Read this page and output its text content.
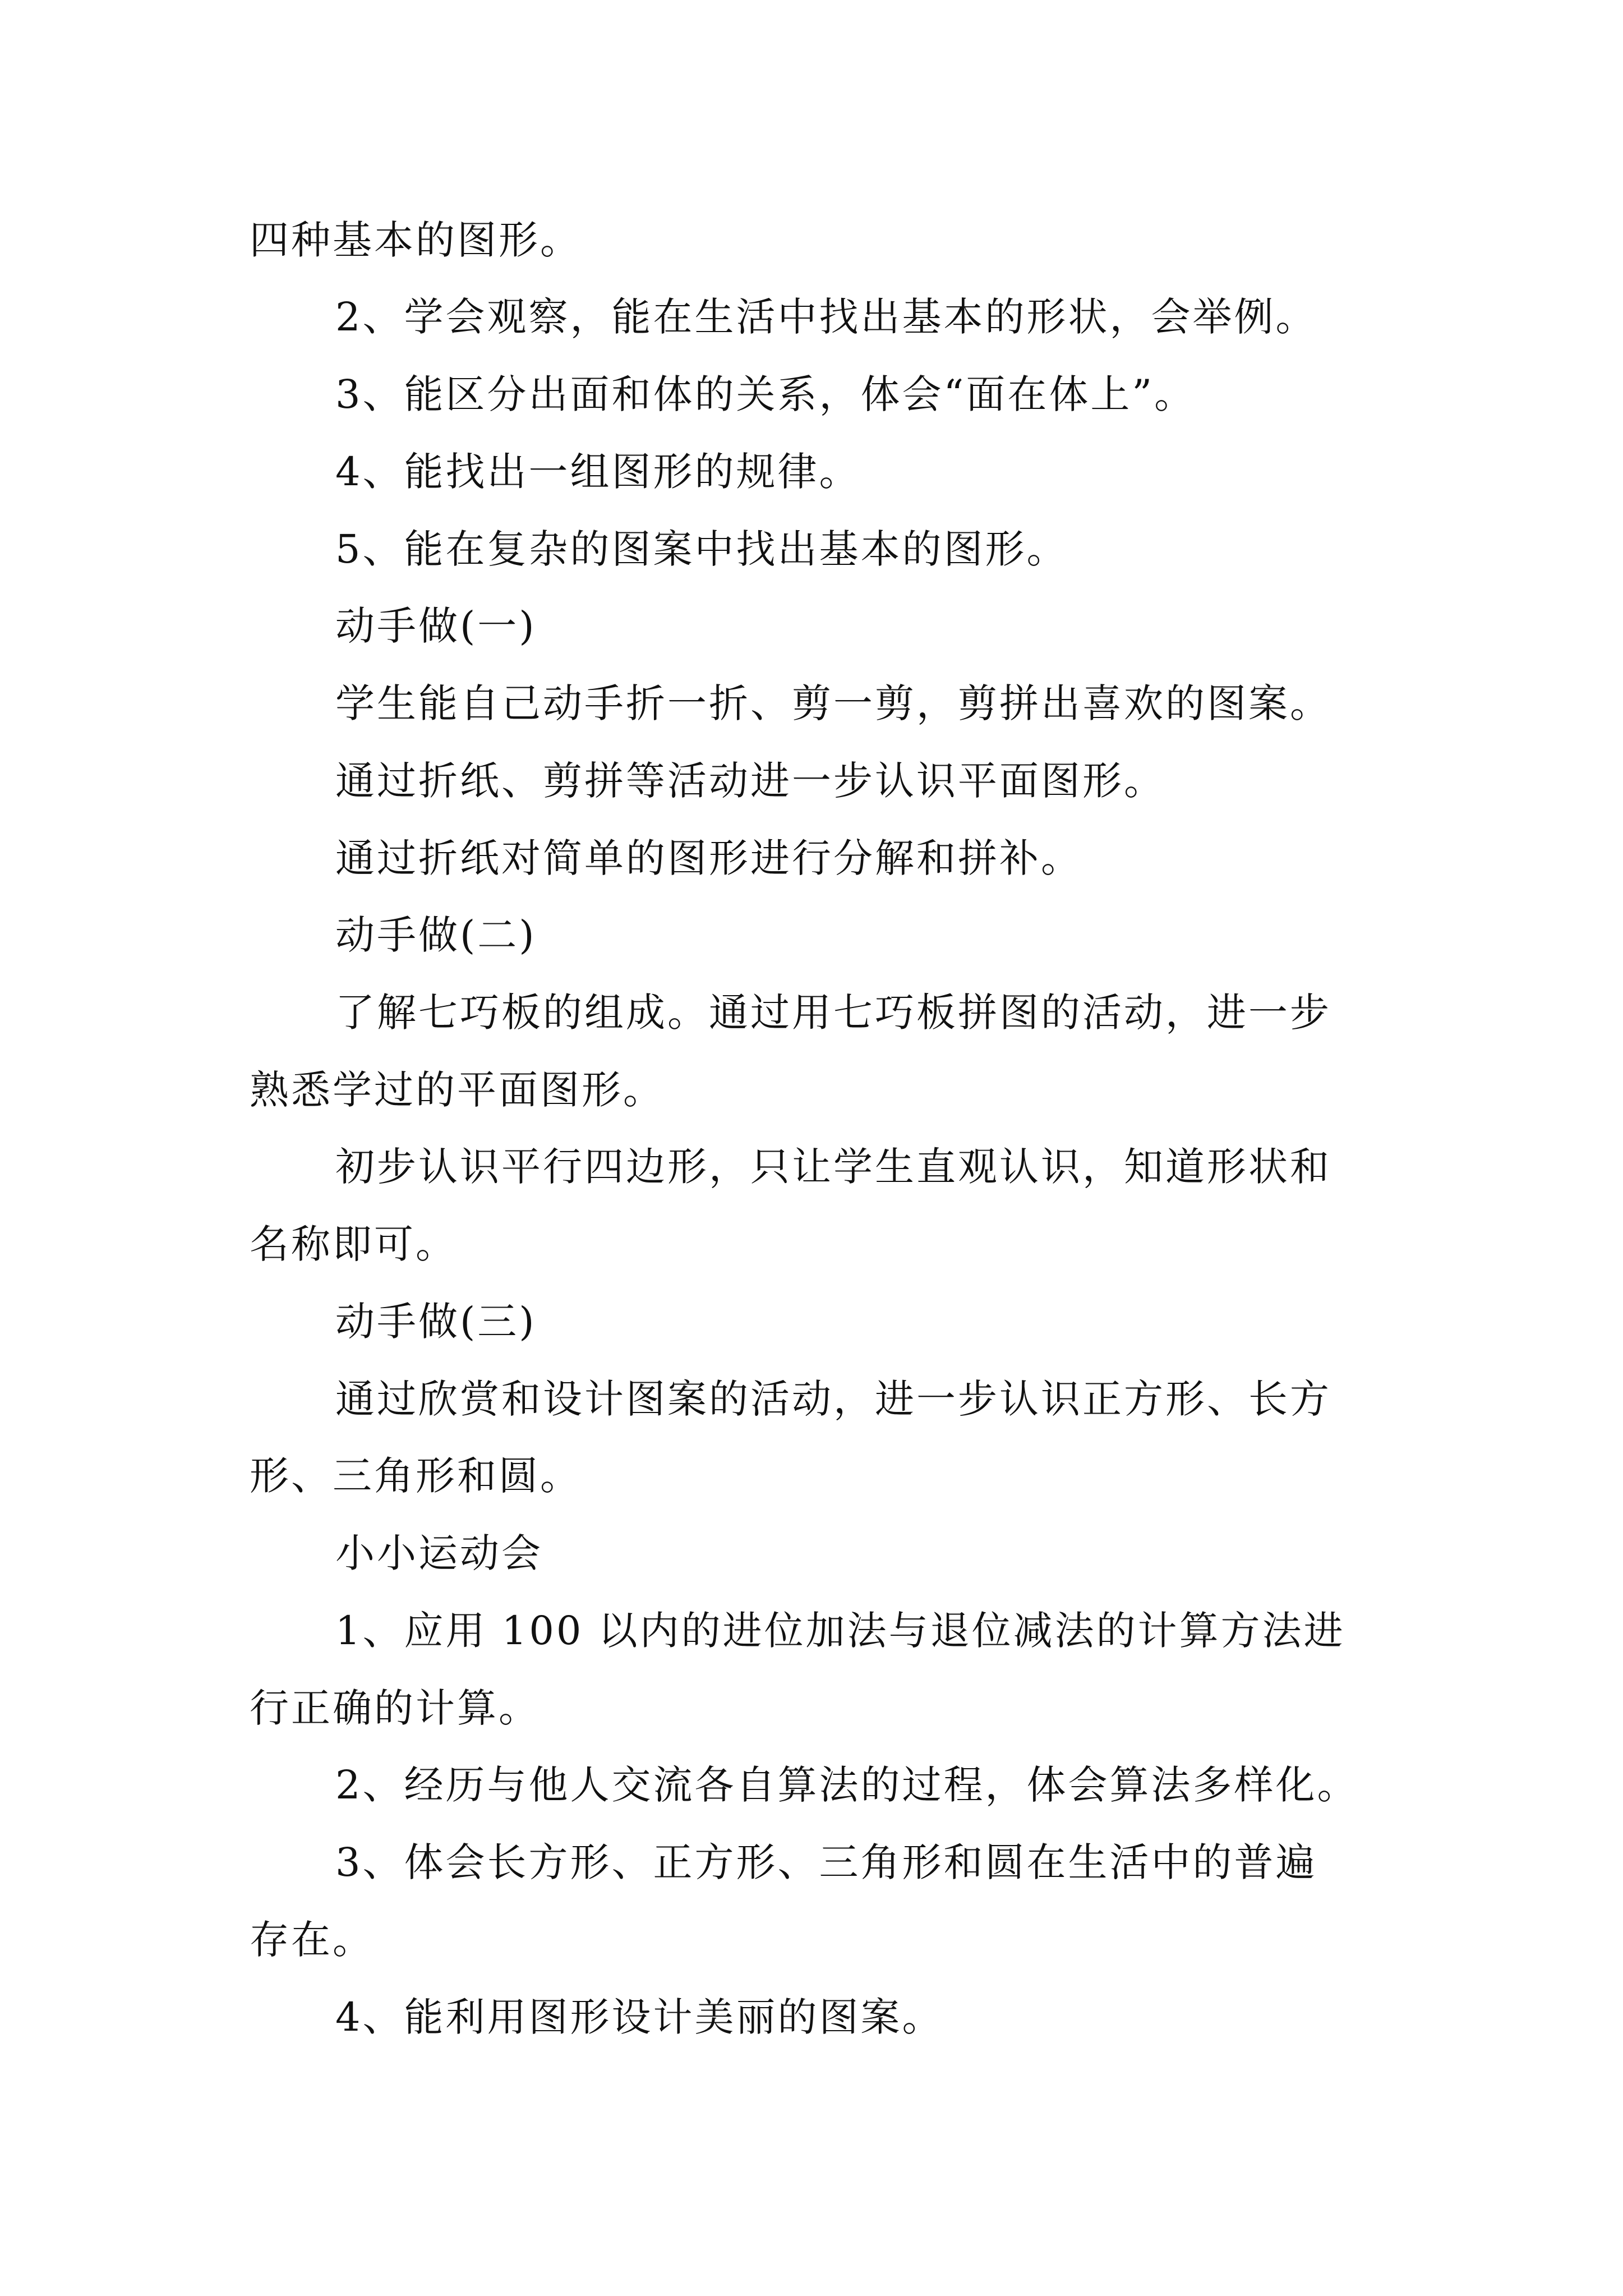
四种基本的图形。
2、学会观察，能在生活中找出基本的形状，会举例。
3、能区分出面和体的关系，体会“面在体上”。
4、能找出一组图形的规律。
5、能在复杂的图案中找出基本的图形。
动手做(一)
学生能自己动手折一折、剪一剪，剪拼出喜欢的图案。
通过折纸、剪拼等活动进一步认识平面图形。
通过折纸对简单的图形进行分解和拼补。
动手做(二)
了解七巧板的组成。通过用七巧板拼图的活动，进一步
熟悉学过的平面图形。
初步认识平行四边形，只让学生直观认识，知道形状和
名称即可。
动手做(三)
通过欣赏和设计图案的活动，进一步认识正方形、长方
形、三角形和圆。
小小运动会
1、应用 100 以内的进位加法与退位减法的计算方法进
行正确的计算。
2、经历与他人交流各自算法的过程，体会算法多样化。
3、体会长方形、正方形、三角形和圆在生活中的普遍
存在。
4、能利用图形设计美丽的图案。
